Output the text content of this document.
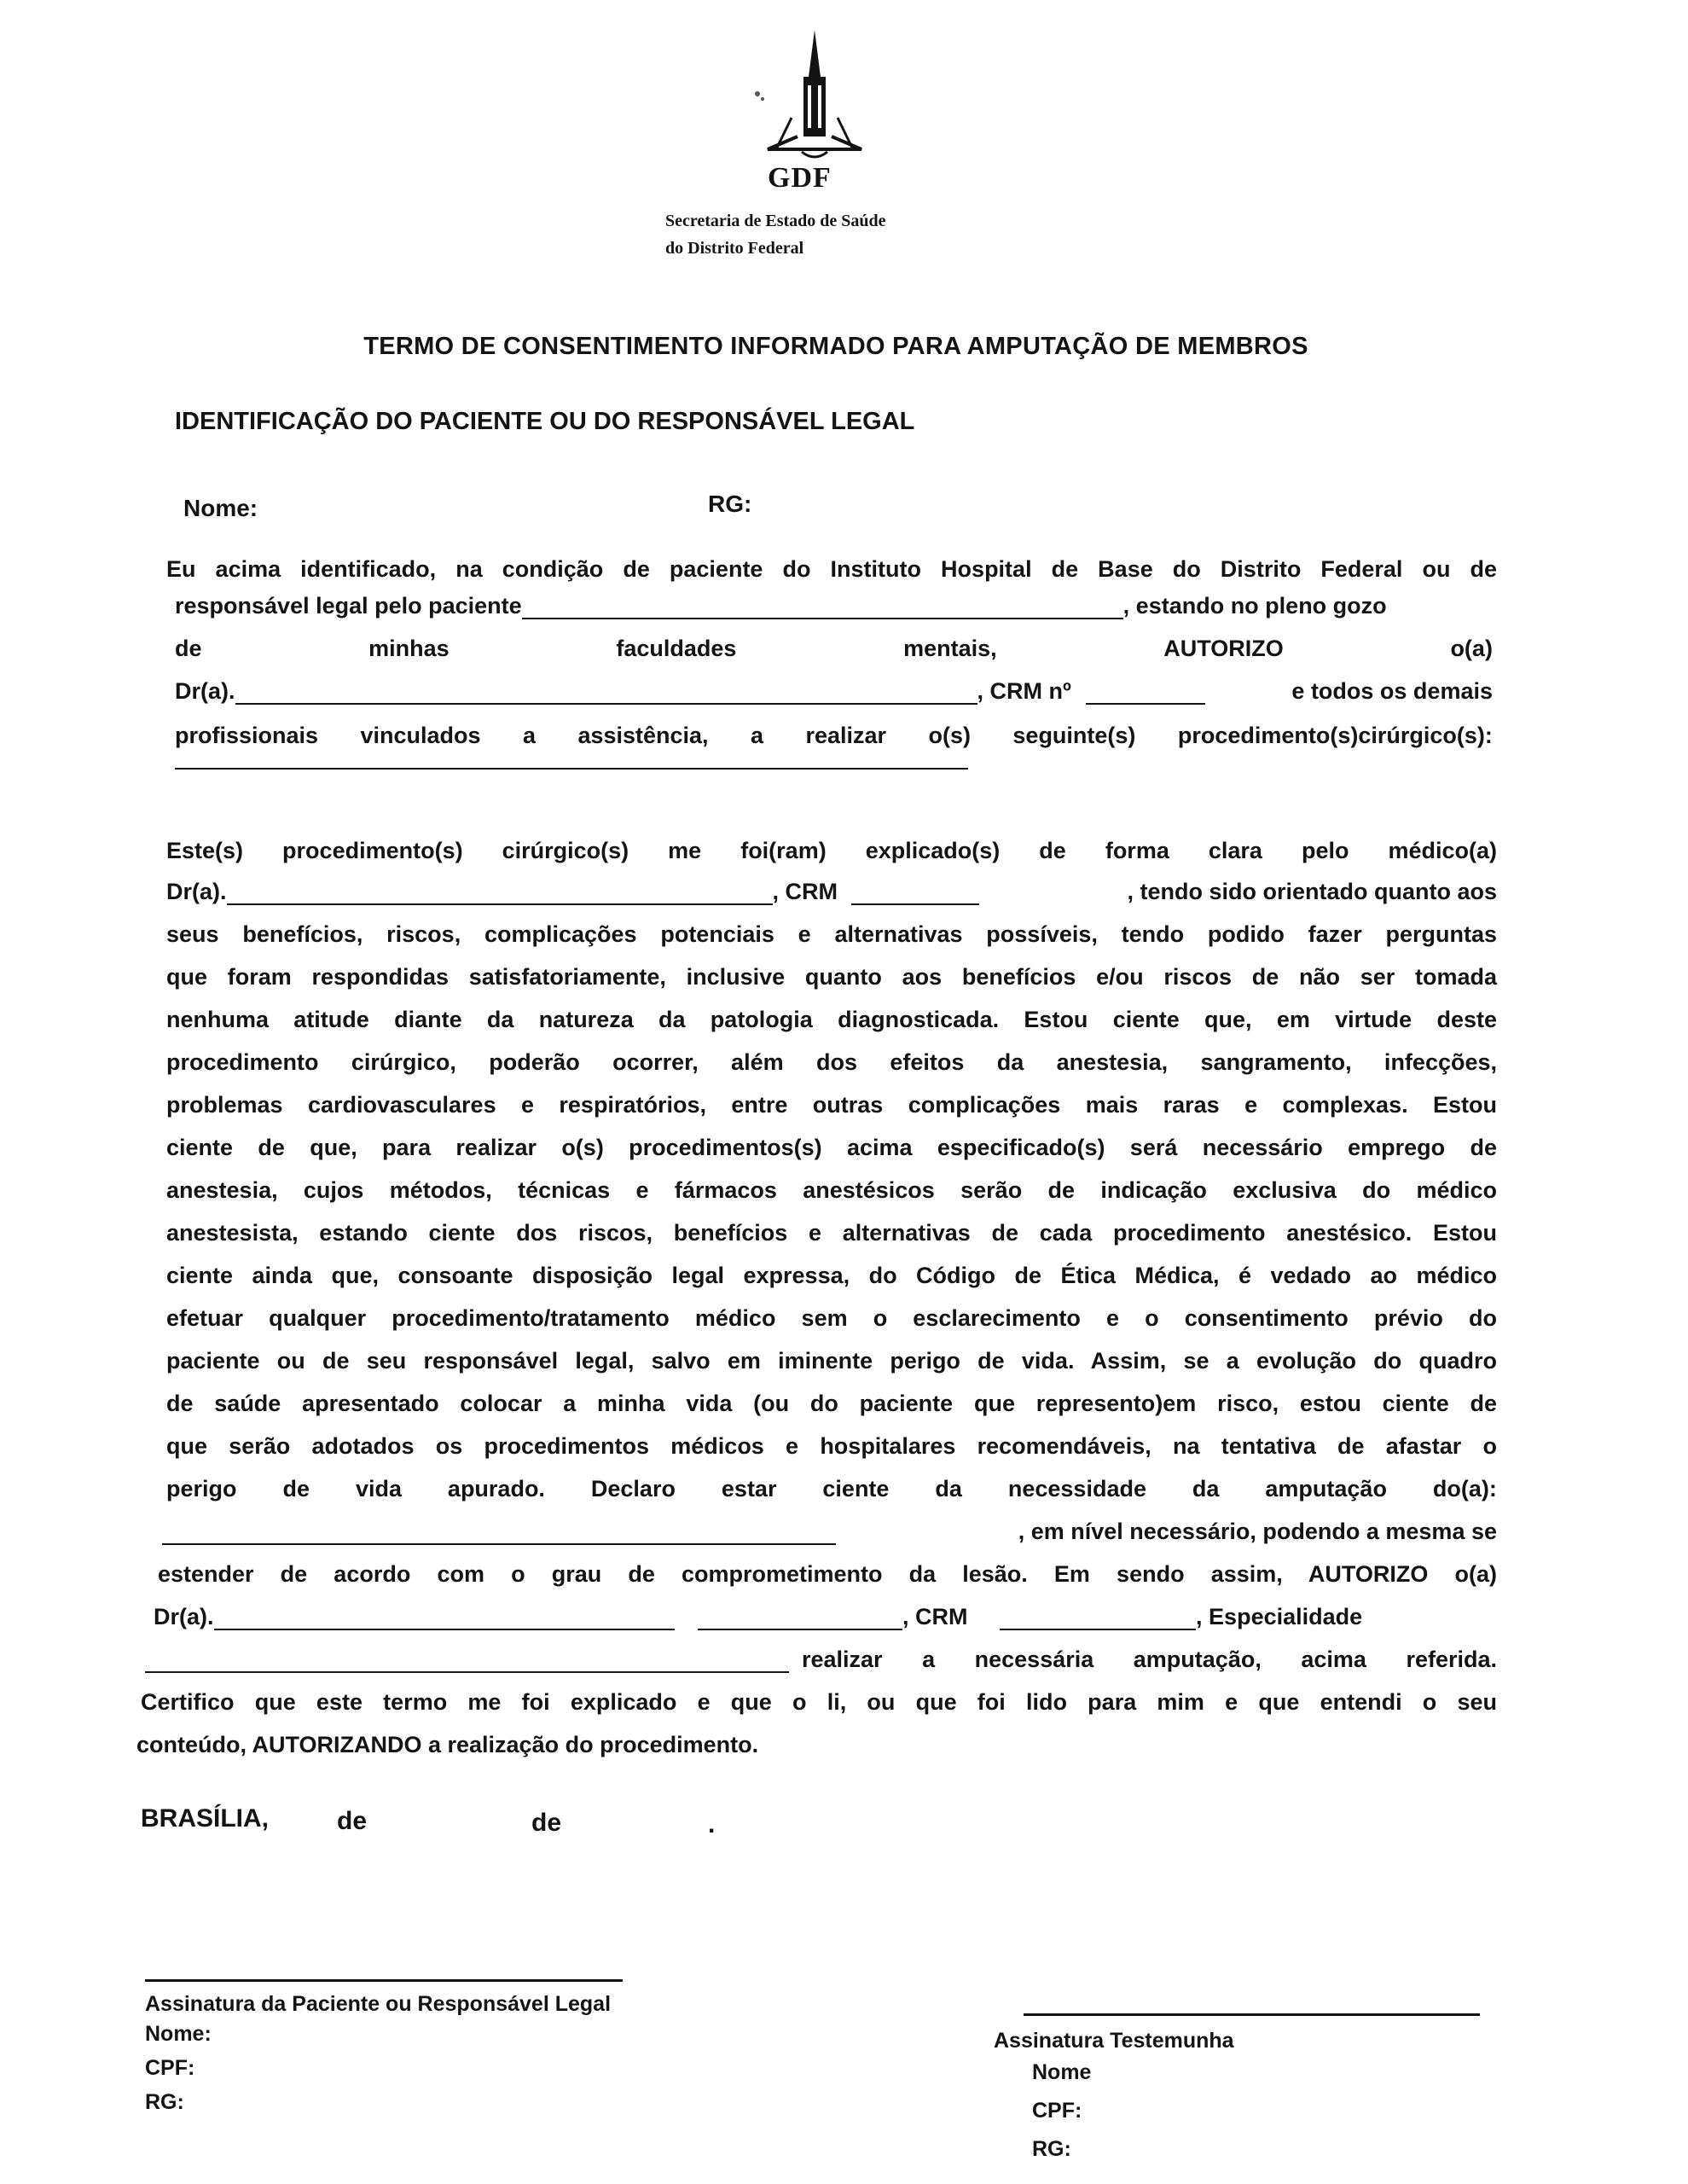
GDF
Secretaria de Estado de Saúde
do Distrito Federal
TERMO DE CONSENTIMENTO INFORMADO PARA AMPUTAÇÃO DE MEMBROS
IDENTIFICAÇÃO DO PACIENTE OU DO RESPONSÁVEL LEGAL
Nome:	RG:
Eu acima identificado, na condição de paciente do Instituto Hospital de Base do Distrito Federal ou de
responsável legal pelo paciente	, estando no pleno gozo
de	minhas	faculdades	mentais,	AUTORIZO	o(a)
Dr(a).	, CRM nº	e todos os demais
profissionais vinculados a assistência, a realizar o(s) seguinte(s) procedimento(s)cirúrgico(s):
Este(s) procedimento(s) cirúrgico(s) me foi(ram) explicado(s) de forma clara pelo médico(a)
Dr(a).	, CRM	, tendo sido orientado quanto aos
seus benefícios, riscos, complicações potenciais e alternativas possíveis, tendo podido fazer perguntas
que foram respondidas satisfatoriamente, inclusive quanto aos benefícios e/ou riscos de não ser tomada
nenhuma atitude diante da natureza da patologia diagnosticada. Estou ciente que, em virtude deste
procedimento cirúrgico, poderão ocorrer, além dos efeitos da anestesia, sangramento, infecções,
problemas cardiovasculares e respiratórios, entre outras complicações mais raras e complexas. Estou
ciente de que, para realizar o(s) procedimentos(s) acima especificado(s) será necessário emprego de
anestesia, cujos métodos, técnicas e fármacos anestésicos serão de indicação exclusiva do médico
anestesista, estando ciente dos riscos, benefícios e alternativas de cada procedimento anestésico. Estou
ciente ainda que, consoante disposição legal expressa, do Código de Ética Médica, é vedado ao médico
efetuar qualquer procedimento/tratamento médico sem o esclarecimento e o consentimento prévio do
paciente ou de seu responsável legal, salvo em iminente perigo de vida. Assim, se a evolução do quadro
de saúde apresentado colocar a minha vida (ou do paciente que represento)em risco, estou ciente de
que serão adotados os procedimentos médicos e hospitalares recomendáveis, na tentativa de afastar o
perigo de vida apurado. Declaro estar ciente da necessidade da amputação do(a):
, em nível necessário, podendo a mesma se
estender de acordo com o grau de comprometimento da lesão. Em sendo assim, AUTORIZO o(a)
Dr(a).	, CRM	, Especialidade
realizar a necessária amputação, acima referida.
Certifico que este termo me foi explicado e que o li, ou que foi lido para mim e que entendi o seu
conteúdo, AUTORIZANDO a realização do procedimento.
BRASÍLIA,	de	de	.
Assinatura da Paciente ou Responsável Legal
Nome:
CPF:
RG:
Assinatura Testemunha
Nome
CPF:
RG:
